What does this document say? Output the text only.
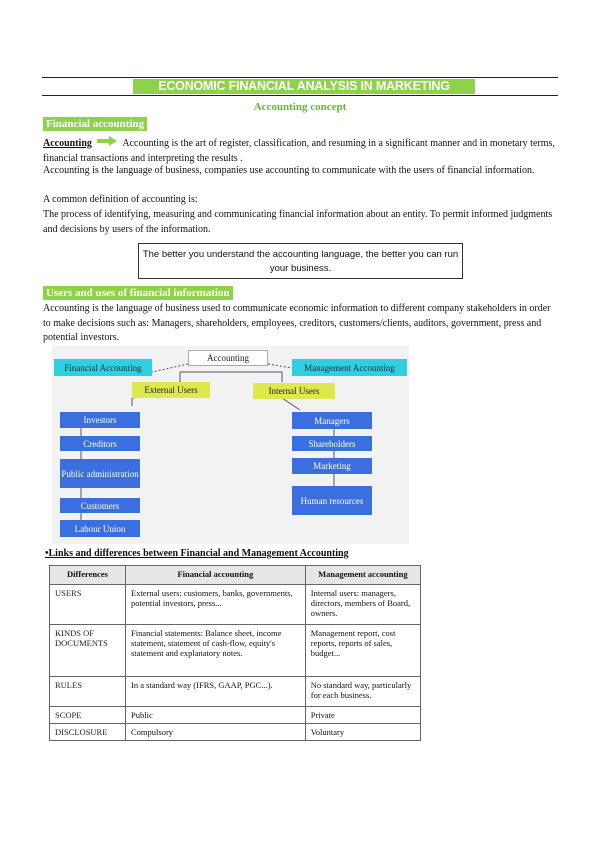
ECONOMIC FINANCIAL ANALYSIS IN MARKETING
Accounting concept
Financial accounting

Accounting	Accounting is the art of register, classification, and resuming in a significant manner and in monetary terms, financial transactions and interpreting the results .

Accounting is the language of business, companies use accounting to communicate with the users of financial information.

A common definition of accounting is:

The process of identifying, measuring and communicating financial information about an entity. To permit informed judgments and decisions by users of the information.

The better you understand the accounting language, the better you can run your business.
Users and uses of financial information

Accounting is the language of business used to communicate economic information to different company stakeholders in order to make decisions such as: Managers, shareholders, employees, creditors, customers/clients, auditors, government, press and potential investors.

Accounting
Financial Accounting	Management Accounting
External Users	Internal Users
Investors
Creditors
Public administration
Customers
Labour Union
Managers
Shareholders
Marketing
Human resources
•Links and differences between Financial and Management Accounting
Differences	Financial accounting	Management accounting
USERS	External users: customers, banks, governments, potential investors, press...	Internal users: managers, directors, members of Board, owners.
KINDS OF DOCUMENTS	Financial statements: Balance sheet, income statement, statement of cash-flow, equity's statement and explanatory notes.	Management report, cost reports, reports of sales, budget...
RULES	In a standard way (IFRS, GAAP, PGC...).	No standard way, particularly for each business.
SCOPE	Public	Private
DISCLOSURE	Compulsory	Voluntary
